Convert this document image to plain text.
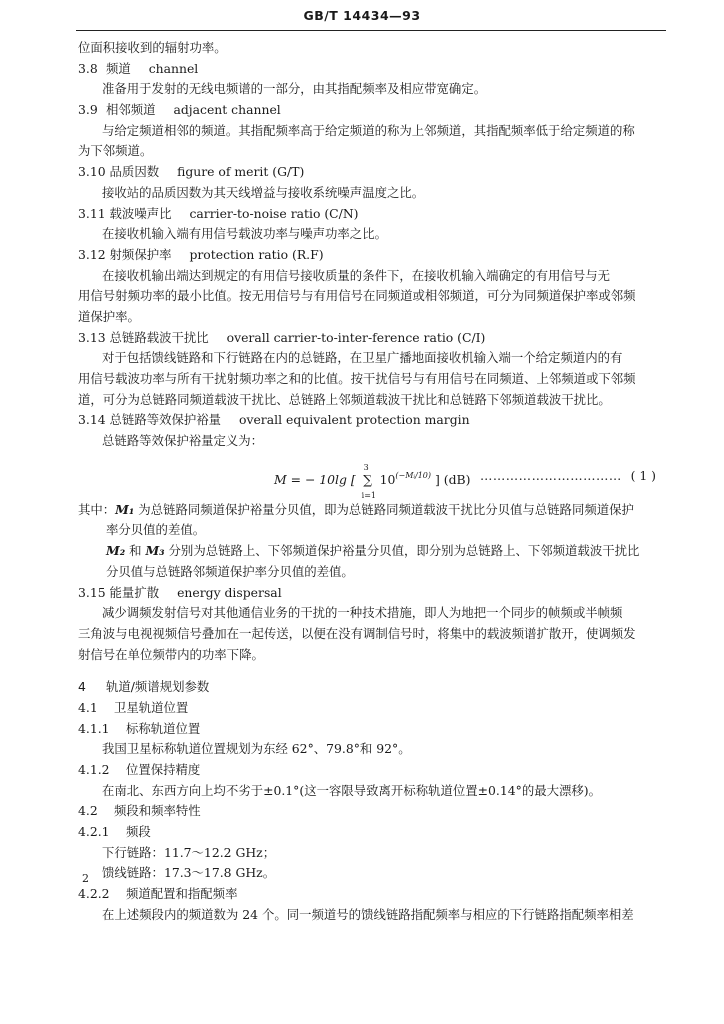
GB/T 14434—93
位面积接收到的辐射功率。
3.8 频道 channel
准备用于发射的无线电频谱的一部分，由其指配频率及相应带宽确定。
3.9 相邻频道 adjacent channel
与给定频道相邻的频道。其指配频率高于给定频道的称为上邻频道，其指配频率低于给定频道的称
为下邻频道。
3.10 品质因数 figure of merit (G/T)
接收站的品质因数为其天线增益与接收系统噪声温度之比。
3.11 载波噪声比 carrier-to-noise ratio (C/N)
在接收机输入端有用信号载波功率与噪声功率之比。
3.12 射频保护率 protection ratio (R.F)
在接收机输出端达到规定的有用信号接收质量的条件下，在接收机输入端确定的有用信号与无
用信号射频功率的最小比值。按无用信号与有用信号在同频道或相邻频道，可分为同频道保护率或邻频
道保护率。
3.13 总链路载波干扰比 overall carrier-to-inter-ference ratio (C/I)
对于包括馈线链路和下行链路在内的总链路，在卫星广播地面接收机输入端一个给定频道内的有
用信号载波功率与所有干扰射频功率之和的比值。按干扰信号与有用信号在同频道、上邻频道或下邻频
道，可分为总链路同频道载波干扰比、总链路上邻频道载波干扰比和总链路下邻频道载波干扰比。
3.14 总链路等效保护裕量 overall equivalent protection margin
总链路等效保护裕量定义为：
M = − 10lg [
3
∑
i=1
$10^{(-Mᵢ/10)}$ ] (dB) …………………………… ( 1 )
其中：M₁ 为总链路同频道保护裕量分贝值，即为总链路同频道载波干扰比分贝值与总链路同频道保护
率分贝值的差值。
M₂ 和 M₃ 分别为总链路上、下邻频道保护裕量分贝值，即分别为总链路上、下邻频道载波干扰比
分贝值与总链路邻频道保护率分贝值的差值。
3.15 能量扩散 energy dispersal
减少调频发射信号对其他通信业务的干扰的一种技术措施，即人为地把一个同步的帧频或半帧频
三角波与电视视频信号叠加在一起传送，以便在没有调制信号时，将集中的载波频谱扩散开，使调频发
射信号在单位频带内的功率下降。
4 轨道/频谱规划参数
4.1 卫星轨道位置
4.1.1 标称轨道位置
我国卫星标称轨道位置规划为东经 62°、79.8°和 92°。
4.1.2 位置保持精度
在南北、东西方向上均不劣于±0.1°(这一容限导致离开标称轨道位置±0.14°的最大漂移)。
4.2 频段和频率特性
4.2.1 频段
下行链路：11.7～12.2 GHz；
馈线链路：17.3～17.8 GHz。
4.2.2 频道配置和指配频率
在上述频段内的频道数为 24 个。同一频道号的馈线链路指配频率与相应的下行链路指配频率相差
2
